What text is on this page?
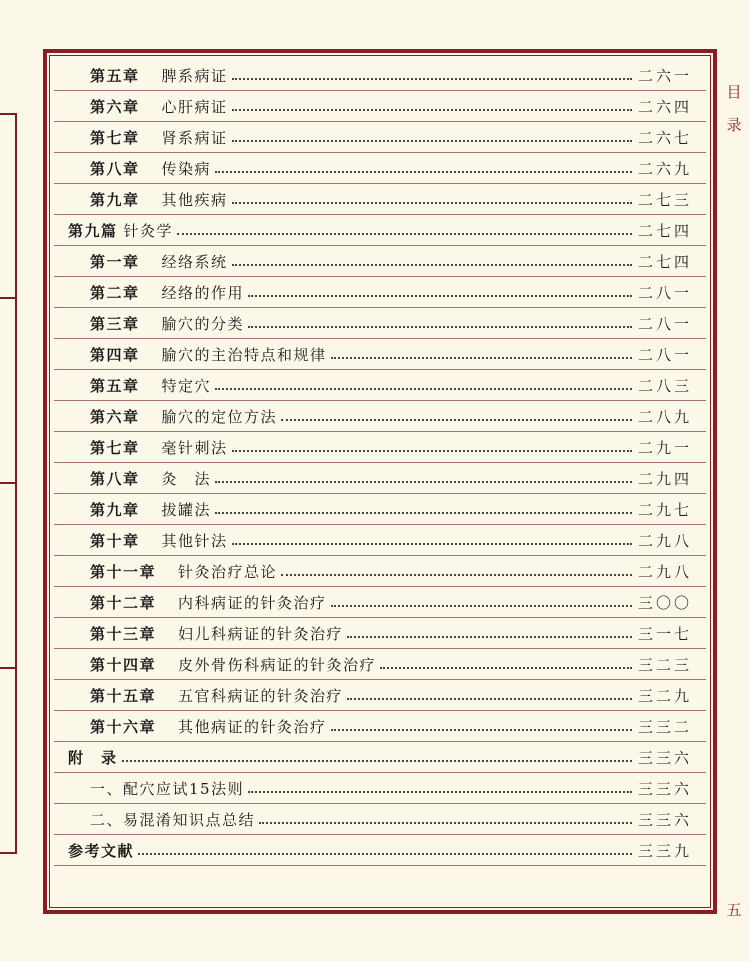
第五章	脾系病证	二六一
第六章	心肝病证	二六四
第七章	肾系病证	二六七
第八章	传染病	二六九
第九章	其他疾病	二七三
第九篇 针灸学	二七四
第一章	经络系统	二七四
第二章	经络的作用	二八一
第三章	腧穴的分类	二八一
第四章	腧穴的主治特点和规律	二八一
第五章	特定穴	二八三
第六章	腧穴的定位方法	二八九
第七章	毫针刺法	二九一
第八章	灸　法	二九四
第九章	拔罐法	二九七
第十章	其他针法	二九八
第十一章	针灸治疗总论	二九八
第十二章	内科病证的针灸治疗	三〇〇
第十三章	妇儿科病证的针灸治疗	三一七
第十四章	皮外骨伤科病证的针灸治疗	三二三
第十五章	五官科病证的针灸治疗	三二九
第十六章	其他病证的针灸治疗	三三二
附　录	三三六
一、配穴应试15法则	三三六
二、易混淆知识点总结	三三六
参考文献	三三九
目
录
五
